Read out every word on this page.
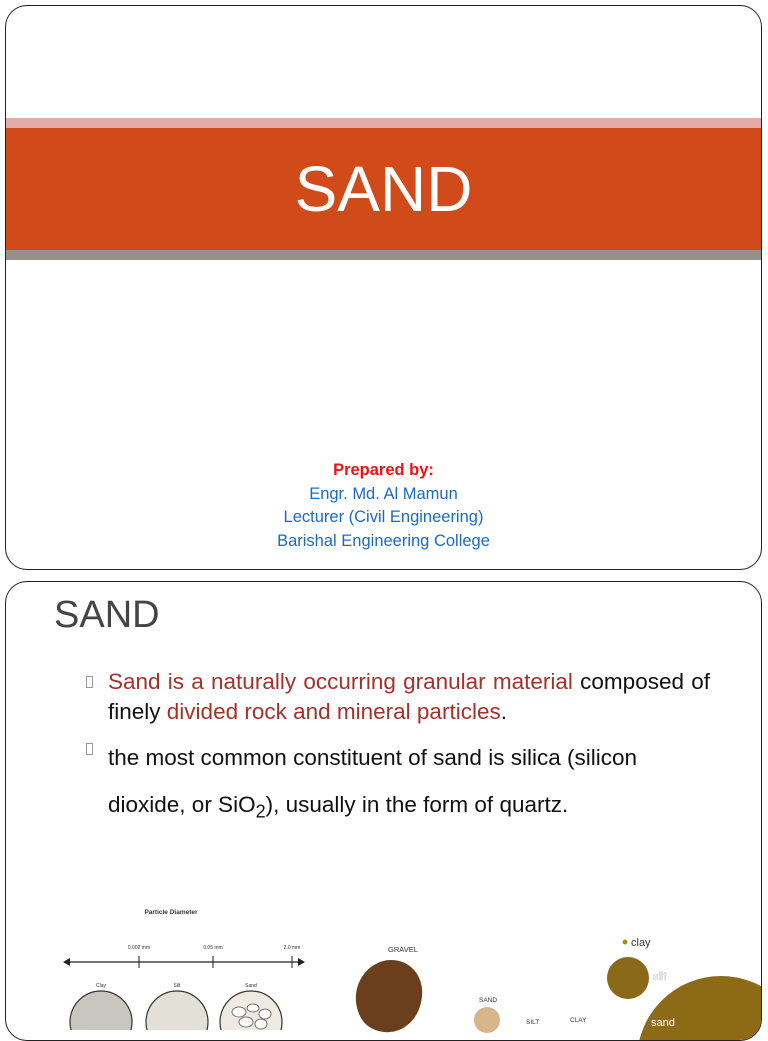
SAND
Prepared by:
Engr. Md. Al Mamun
Lecturer (Civil Engineering)
Barishal Engineering College
SAND
Sand is a naturally occurring granular material composed of finely divided rock and mineral particles.
the most common constituent of sand is silica (silicon
dioxide, or SiO$_2$), usually in the form of quartz.
Particle Diameter
0.002 mm	0.05 mm	2.0 mm
Clay	Silt	Sand
GRAVEL
SAND
SILT	CLAY
clay
silt
sand
